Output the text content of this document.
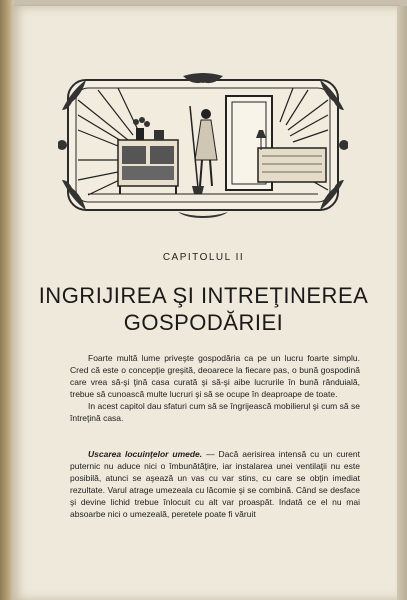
CAPITOLUL II
INGRIJIREA ŞI INTREŢINEREA
GOSPODĂRIEI

Foarte multă lume priveşte gospodăria ca pe un lucru foarte simplu. Cred că este o concepţie greşită, deoarece la fiecare pas, o bună gospodină care vrea să-şi ţină casa curată şi să-şi aibe lucrurile în bună rânduială, trebue să cunoască multe lucruri şi să se ocupe în deaproape de toate.

In acest capitol dau sfaturi cum să se îngrijească mobilierul şi cum să se întreţină casa.

Uscarea locuinţelor umede. — Dacă aerisirea intensă cu un curent puternic nu aduce nici o îmbunătăţire, iar instalarea unei ventilaţii nu este posibilă, atunci se aşează un vas cu var stins, cu care se obţin imediat rezultate. Varul atrage umezeala cu lăcomie şi se combină. Când se desface şi devine lichid trebue înlocuit cu alt var proaspăt. Indată ce el nu mai absoarbe nici o umezeală, peretele poate fi văruit
